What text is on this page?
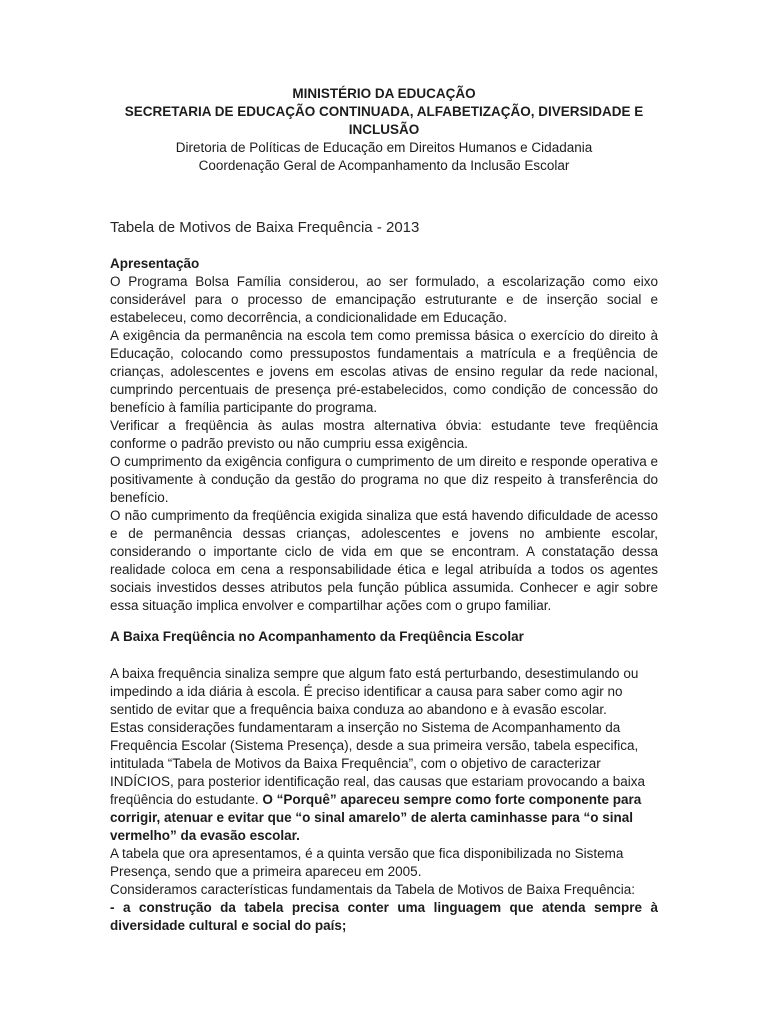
MINISTÉRIO DA EDUCAÇÃO
SECRETARIA DE EDUCAÇÃO CONTINUADA, ALFABETIZAÇÃO, DIVERSIDADE E INCLUSÃO
Diretoria de Políticas de Educação em Direitos Humanos e Cidadania
Coordenação Geral de Acompanhamento da Inclusão Escolar
Tabela de Motivos de Baixa Frequência - 2013
Apresentação

O Programa Bolsa Família considerou, ao ser formulado, a escolarização como eixo considerável para o processo de emancipação estruturante e de inserção social e estabeleceu, como decorrência, a condicionalidade em Educação.

A exigência da permanência na escola tem como premissa básica o exercício do direito à Educação, colocando como pressupostos fundamentais a matrícula e a freqüência de crianças, adolescentes e jovens em escolas ativas de ensino regular da rede nacional, cumprindo percentuais de presença pré-estabelecidos, como condição de concessão do benefício à família participante do programa.

Verificar a freqüência às aulas mostra alternativa óbvia: estudante teve freqüência conforme o padrão previsto ou não cumpriu essa exigência.

O cumprimento da exigência configura o cumprimento de um direito e responde operativa e positivamente à condução da gestão do programa no que diz respeito à transferência do benefício.

O não cumprimento da freqüência exigida sinaliza que está havendo dificuldade de acesso e de permanência dessas crianças, adolescentes e jovens no ambiente escolar, considerando o importante ciclo de vida em que se encontram. A constatação dessa realidade coloca em cena a responsabilidade ética e legal atribuída a todos os agentes sociais investidos desses atributos pela função pública assumida. Conhecer e agir sobre essa situação implica envolver e compartilhar ações com o grupo familiar.

A Baixa Freqüência no Acompanhamento da Freqüência Escolar

A baixa frequência sinaliza sempre que algum fato está perturbando, desestimulando ou impedindo a ida diária à escola. É preciso identificar a causa para saber como agir no sentido de evitar que a frequência baixa conduza ao abandono e à evasão escolar.

Estas considerações fundamentaram a inserção no Sistema de Acompanhamento da Frequência Escolar (Sistema Presença), desde a sua primeira versão, tabela especifica, intitulada “Tabela de Motivos da Baixa Frequência”, com o objetivo de caracterizar INDÍCIOS, para posterior identificação real, das causas que estariam provocando a baixa freqüência do estudante. O “Porquê” apareceu sempre como forte componente para corrigir, atenuar e evitar que “o sinal amarelo” de alerta caminhasse para “o sinal vermelho” da evasão escolar.

A tabela que ora apresentamos, é a quinta versão que fica disponibilizada no Sistema Presença, sendo que a primeira apareceu em 2005.

Consideramos características fundamentais da Tabela de Motivos de Baixa Frequência:

- a construção da tabela precisa conter uma linguagem que atenda sempre à diversidade cultural e social do país;
